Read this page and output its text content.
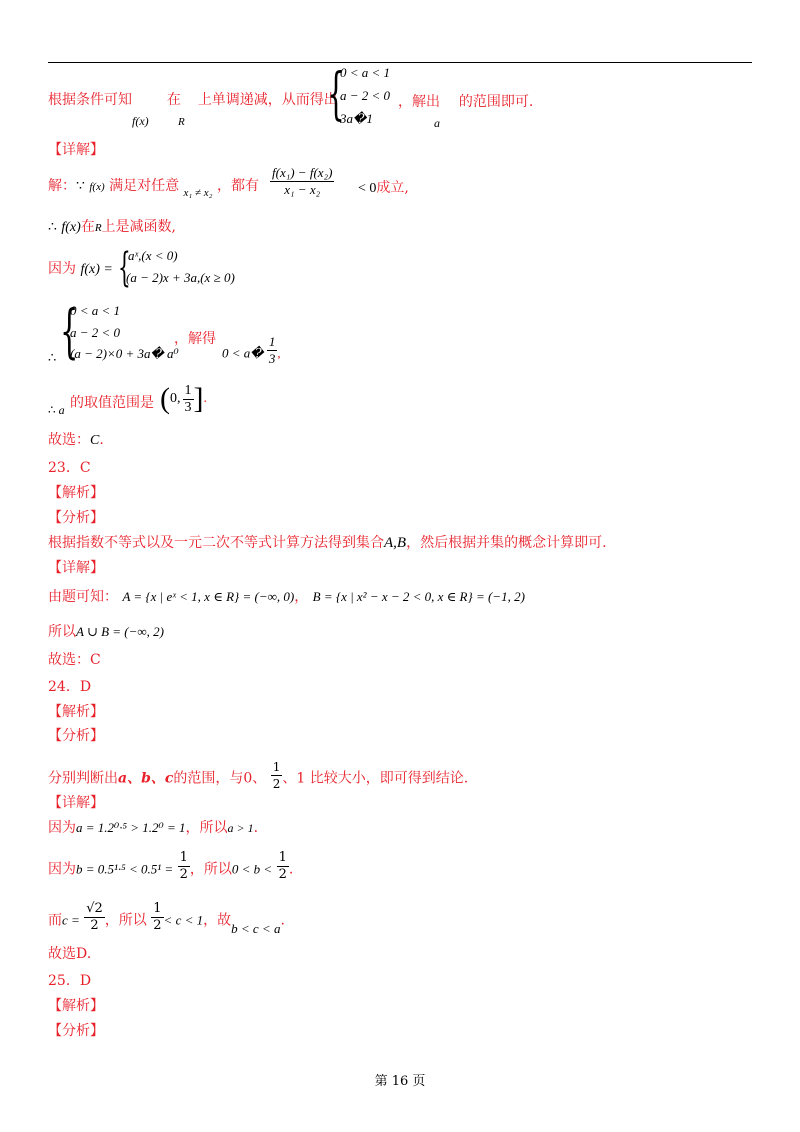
根据条件可知 在 上单调递减，从而得出
f(x)	R	{
0 < a < 1
a − 2 < 0
3a�1
，解出 的范围即可.
a
【详解】
解：∵ f(x) 满足对任意 $_{x_1 \ne x_2}$ ，都有 $\frac{\text{f(x₁) − f(x₂)}}{\text{x₁ − x₂}} < 0$成立,
∴ f(x)在R上是减函数,
因为 f(x) = {
aˣ,(x < 0)
(a − 2)x + 3a,(x ≥ 0)
{
0 < a < 1
a − 2 < 0
(a − 2)×0 + 3a� a⁰
∴
，解得
0 < a� $\frac{1}{3}$ ,
∴ a 的取值范围是 (0, $\frac{1}{3}$ ].
故选：C.
23．C
【解析】
【分析】
根据指数不等式以及一元二次不等式计算方法得到集合A,B，然后根据并集的概念计算即可.
【详解】
由题可知： A = {x | eˣ < 1, x ∈ R} = (−∞, 0)， B = {x | x² − x − 2 < 0, x ∈ R} = (−1, 2)
所以A ∪ B = (−∞, 2)
故选：C
24．D
【解析】
【分析】
分别判断出a、b、c的范围，与0、 $\frac{1}{2}$ 、1 比较大小，即可得到结论.
【详解】
因为a = 1.2⁰·⁵ > 1.2⁰ = 1，所以a > 1.
因为$b = 0.5^1\cdot^5 < 0.5^1 = \frac{1}{2}$ ，所以$0 < b < \frac{1}{2}$ .
而$c = \frac{√2}{2}$ ，所以 $\frac{1}{2} < c < 1$，故b < c < a.
故选D.
25．D
【解析】
【分析】
第 16 页
